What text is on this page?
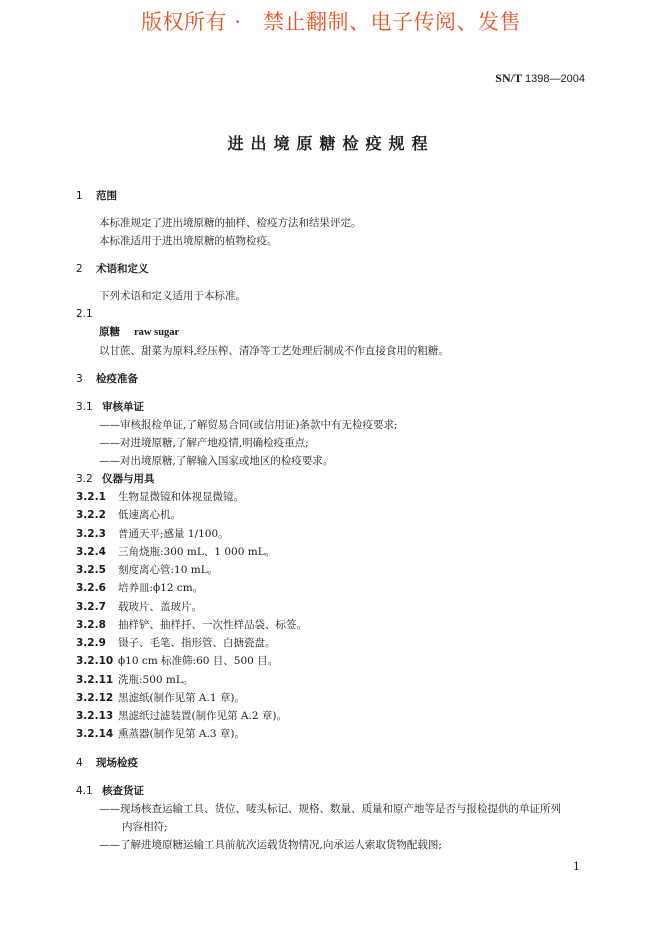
版权所有 ·   禁止翻制、电子传阅、发售
SN/T 1398—2004
进出境原糖检疫规程
1 范围
本标准规定了进出境原糖的抽样、检疫方法和结果评定。
本标准适用于进出境原糖的植物检疫。
2 术语和定义
下列术语和定义适用于本标准。
2.1
原糖 raw sugar
以甘蔗、甜菜为原料,经压榨、清净等工艺处理后制成不作直接食用的粗糖。
3 检疫准备
3.1 审核单证
——审核报检单证,了解贸易合同(或信用证)条款中有无检疫要求;
——对进境原糖,了解产地疫情,明确检疫重点;
——对出境原糖,了解输入国家或地区的检疫要求。
3.2 仪器与用具
3.2.1 生物显微镜和体视显微镜。
3.2.2 低速离心机。
3.2.3 普通天平;感量 1/100。
3.2.4 三角烧瓶:300 mL、1 000 mL。
3.2.5 刻度离心管:10 mL。
3.2.6 培养皿:ϕ12 cm。
3.2.7 载玻片、盖玻片。
3.2.8 抽样铲、抽样扦、一次性样品袋、标签。
3.2.9 镊子、毛笔、指形管、白搪瓷盘。
3.2.10 ϕ10 cm 标准筛:60 目、500 目。
3.2.11 洗瓶:500 mL。
3.2.12 黑滤纸(制作见第 A.1 章)。
3.2.13 黑滤纸过滤装置(制作见第 A.2 章)。
3.2.14 熏蒸器(制作见第 A.3 章)。
4 现场检疫
4.1 核查货证
——现场核查运输工具、货位、唛头标记、规格、数量、质量和原产地等是否与报检提供的单证所列
内容相符;
——了解进境原糖运输工具前航次运载货物情况,向承运人索取货物配载图;
1
